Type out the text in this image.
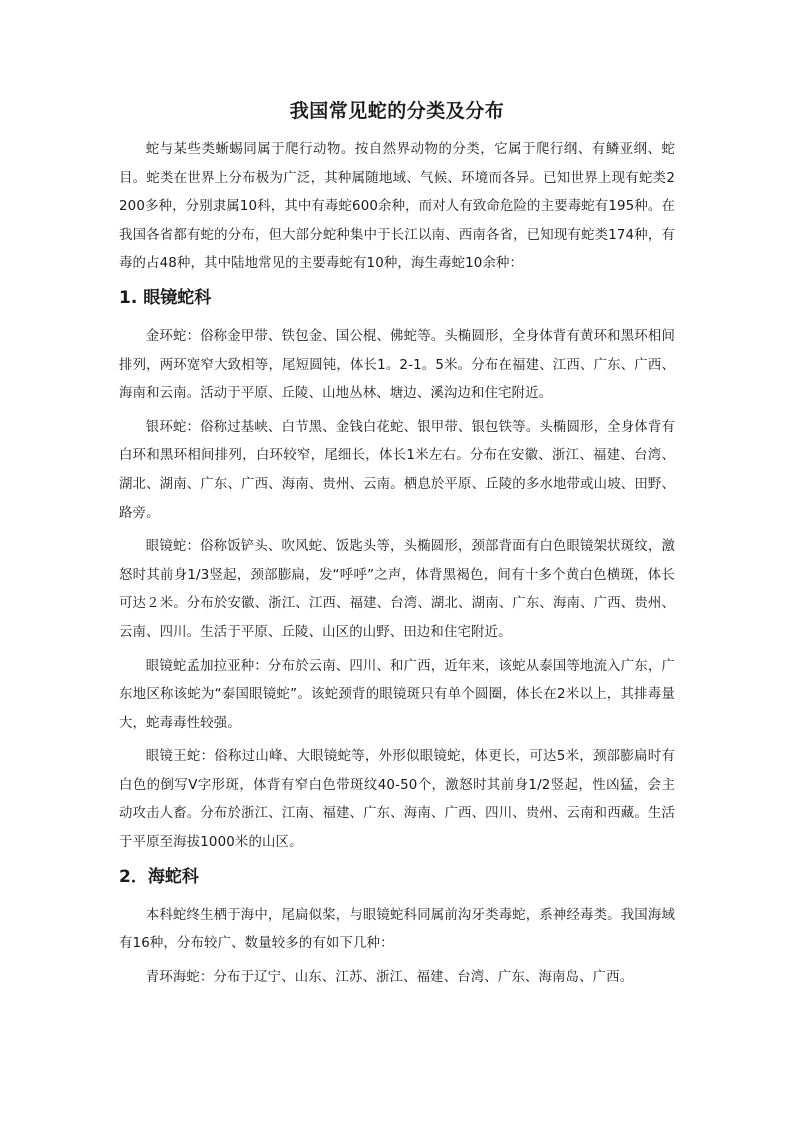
我国常见蛇的分类及分布

蛇与某些类蜥蜴同属于爬行动物。按自然界动物的分类，它属于爬行纲、有鳞亚纲、蛇目。蛇类在世界上分布极为广泛，其种属随地域、气候、环境而各异。已知世界上现有蛇类2200多种，分别隶属10科，其中有毒蛇600余种，而对人有致命危险的主要毒蛇有195种。在我国各省都有蛇的分布，但大部分蛇种集中于长江以南、西南各省，已知现有蛇类174种，有毒的占48种，其中陆地常见的主要毒蛇有10种，海生毒蛇10余种：

1. 眼镜蛇科

金环蛇：俗称金甲带、铁包金、国公棍、佛蛇等。头椭圆形，全身体背有黄环和黑环相间排列，两环宽窄大致相等，尾短圆钝，体长1。2-1。5米。分布在福建、江西、广东、广西、海南和云南。活动于平原、丘陵、山地丛林、塘边、溪沟边和住宅附近。

银环蛇：俗称过基峡、白节黑、金钱白花蛇、银甲带、银包铁等。头椭圆形，全身体背有白环和黑环相间排列，白环较窄，尾细长，体长1米左右。分布在安徽、浙江、福建、台湾、湖北、湖南、广东、广西、海南、贵州、云南。栖息於平原、丘陵的多水地带或山坡、田野、路旁。

眼镜蛇：俗称饭铲头、吹风蛇、饭匙头等，头椭圆形，颈部背面有白色眼镜架状斑纹，激怒时其前身1/3竖起，颈部膨扁，发“呼呼”之声，体背黑褐色，间有十多个黄白色横斑，体长可达２米。分布於安徽、浙江、江西、福建、台湾、湖北、湖南、广东、海南、广西、贵州、云南、四川。生活于平原、丘陵、山区的山野、田边和住宅附近。

眼镜蛇孟加拉亚种：分布於云南、四川、和广西，近年来，该蛇从泰国等地流入广东，广东地区称该蛇为“泰国眼镜蛇”。该蛇颈背的眼镜斑只有单个圆圈，体长在2米以上，其排毒量大，蛇毒毒性较强。

眼镜王蛇：俗称过山峰、大眼镜蛇等，外形似眼镜蛇，体更长，可达5米，颈部膨扁时有白色的倒写V字形斑，体背有窄白色带斑纹40-50个，激怒时其前身1/2竖起，性凶猛，会主动攻击人畜。分布於浙江、江南、福建、广东、海南、广西、四川、贵州、云南和西藏。生活于平原至海拔1000米的山区。

2．海蛇科

本科蛇终生栖于海中，尾扁似桨，与眼镜蛇科同属前沟牙类毒蛇，系神经毒类。我国海域有16种，分布较广、数量较多的有如下几种：

青环海蛇：分布于辽宁、山东、江苏、浙江、福建、台湾、广东、海南岛、广西。
